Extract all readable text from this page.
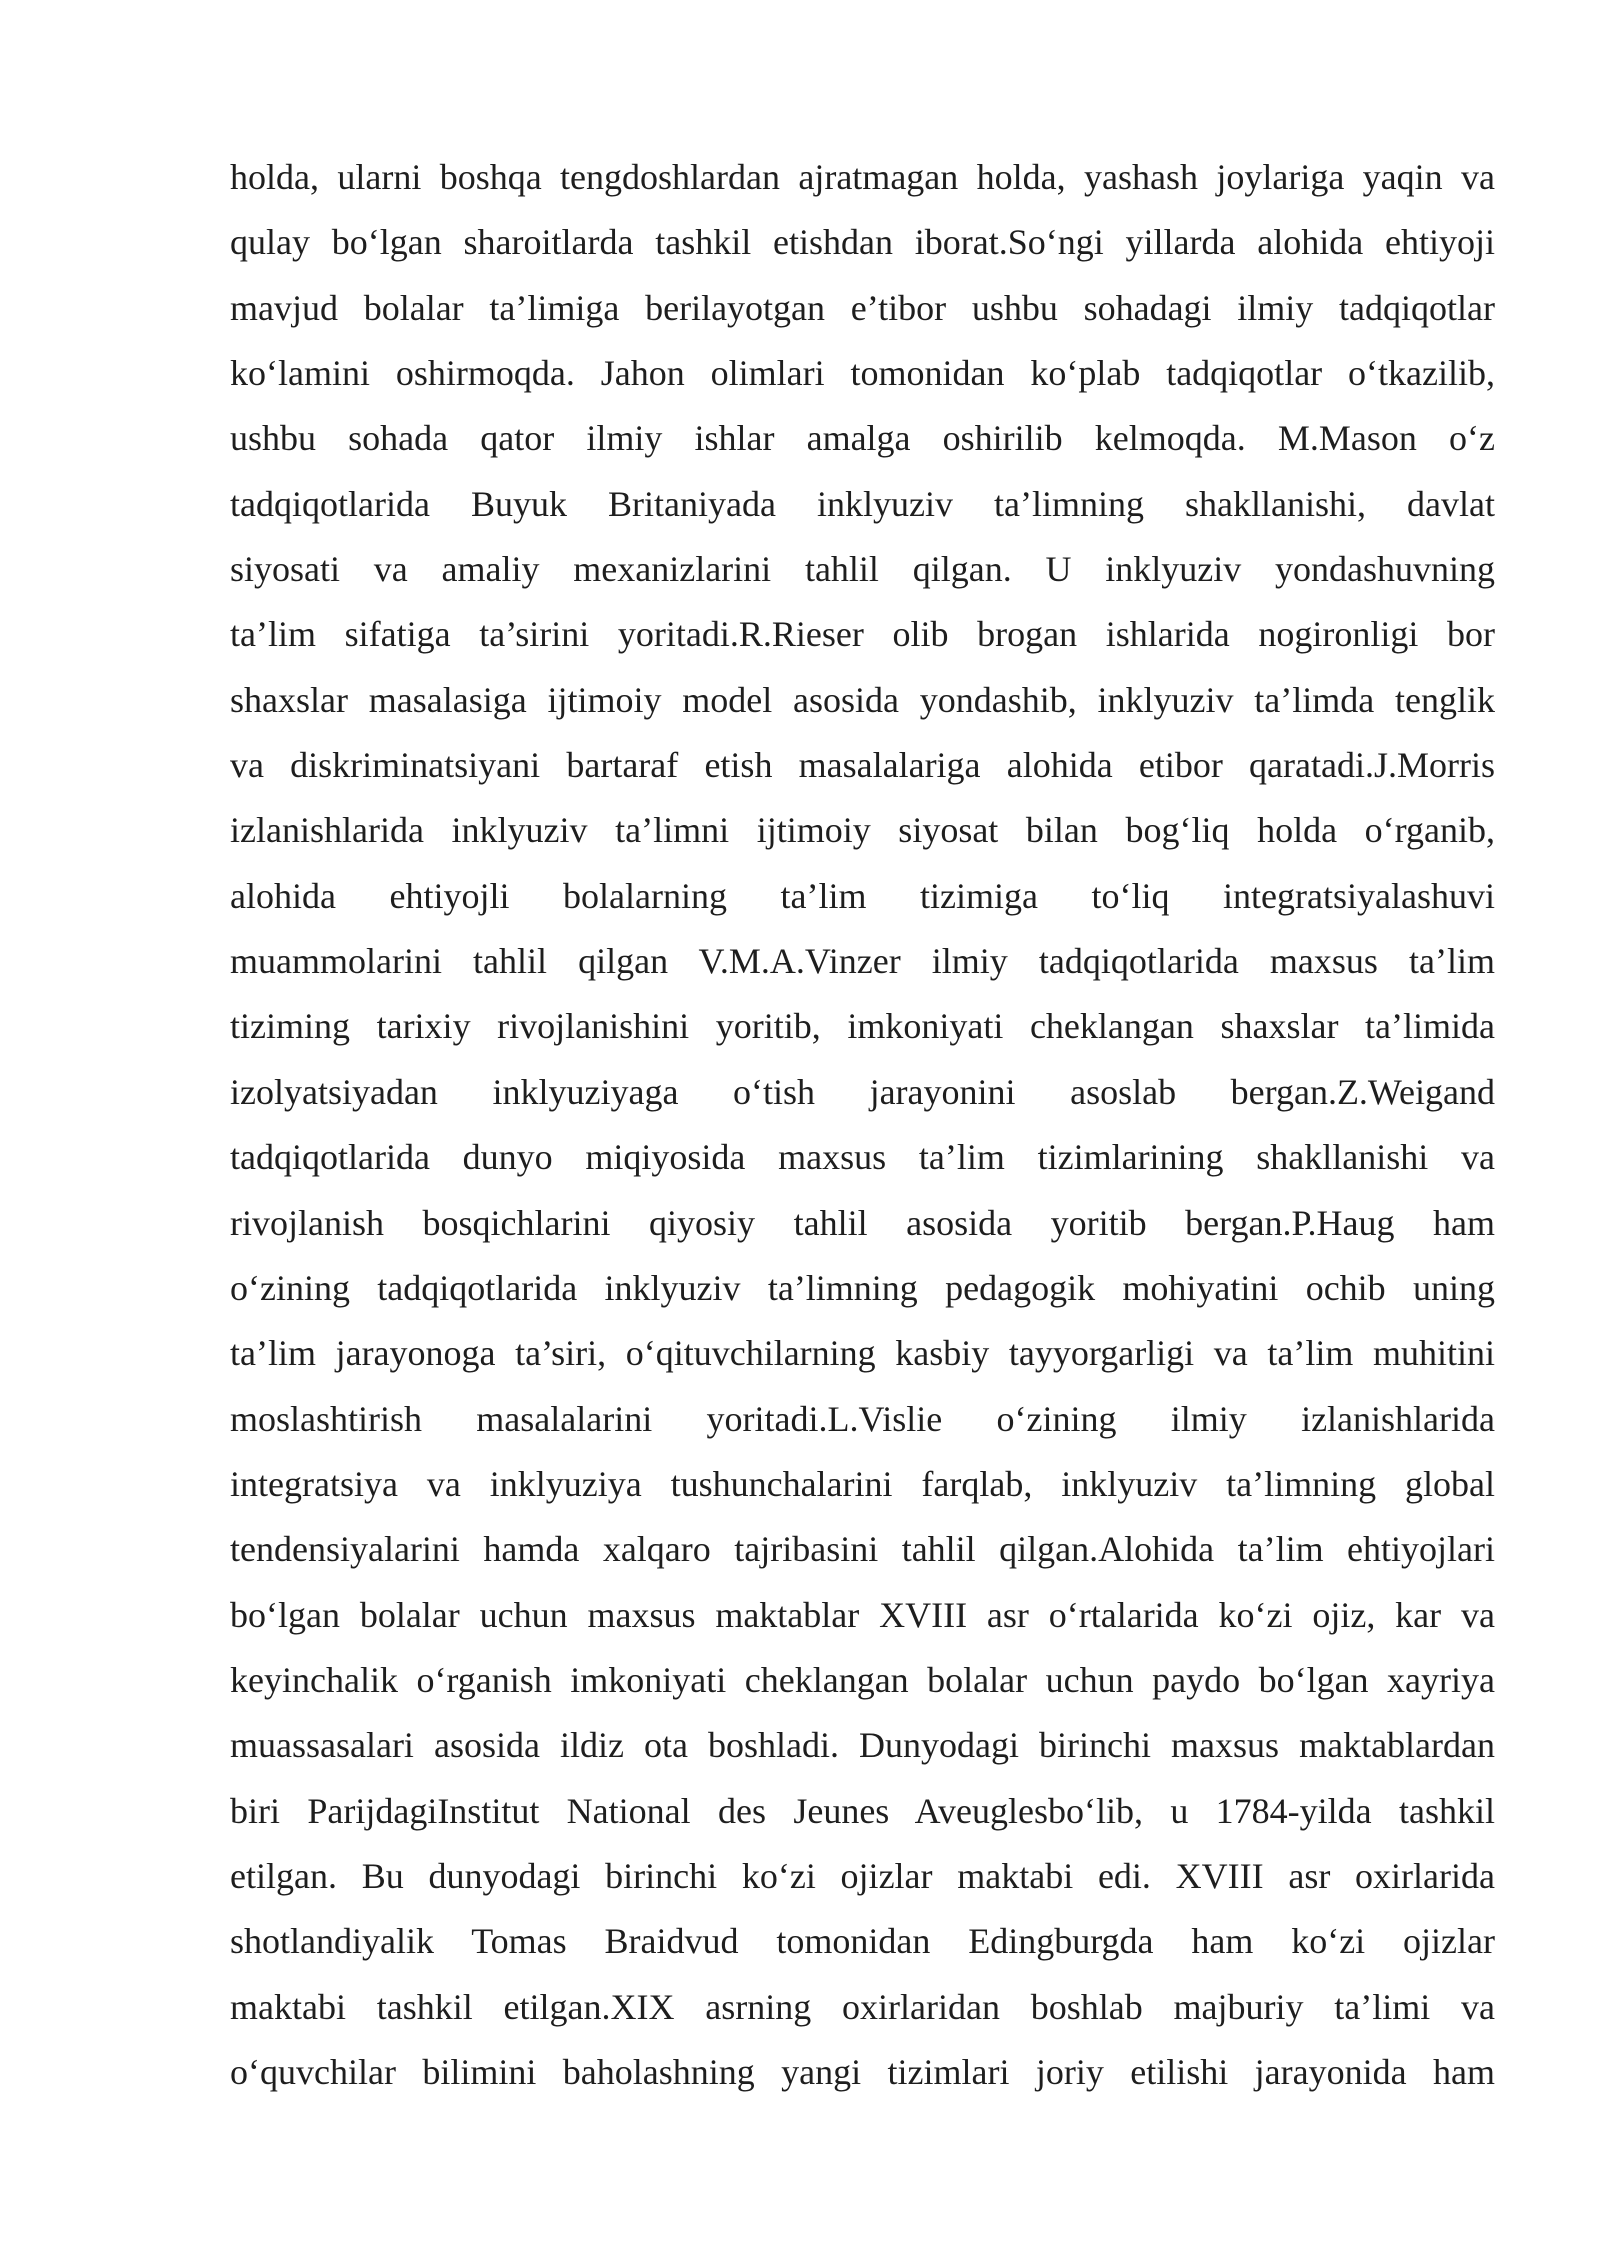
holda, ularni boshqa tengdoshlardan ajratmagan holda, yashash joylariga yaqin va
qulay boʻlgan sharoitlarda tashkil etishdan iborat.Soʻngi yillarda alohida ehtiyoji
mavjud bolalar ta’limiga berilayotgan e’tibor ushbu sohadagi ilmiy tadqiqotlar
koʻlamini oshirmoqda. Jahon olimlari tomonidan koʻplab tadqiqotlar oʻtkazilib,
ushbu sohada qator ilmiy ishlar amalga oshirilib kelmoqda. M.Mason oʻz
tadqiqotlarida Buyuk Britaniyada inklyuziv ta’limning shakllanishi, davlat
siyosati va amaliy mexanizlarini tahlil qilgan. U inklyuziv yondashuvning
ta’lim sifatiga ta’sirini yoritadi.R.Rieser olib brogan ishlarida nogironligi bor
shaxslar masalasiga ijtimoiy model asosida yondashib, inklyuziv ta’limda tenglik
va diskriminatsiyani bartaraf etish masalalariga alohida etibor qaratadi.J.Morris
izlanishlarida inklyuziv ta’limni ijtimoiy siyosat bilan bogʻliq holda oʻrganib,
alohida ehtiyojli bolalarning ta’lim tizimiga toʻliq integratsiyalashuvi
muammolarini tahlil qilgan V.M.A.Vinzer ilmiy tadqiqotlarida maxsus ta’lim
tiziming tarixiy rivojlanishini yoritib, imkoniyati cheklangan shaxslar ta’limida
izolyatsiyadan inklyuziyaga oʻtish jarayonini asoslab bergan.Z.Weigand
tadqiqotlarida dunyo miqiyosida maxsus ta’lim tizimlarining shakllanishi va
rivojlanish bosqichlarini qiyosiy tahlil asosida yoritib bergan.P.Haug ham
oʻzining tadqiqotlarida inklyuziv ta’limning pedagogik mohiyatini ochib uning
ta’lim jarayonoga ta’siri, oʻqituvchilarning kasbiy tayyorgarligi va ta’lim muhitini
moslashtirish masalalarini yoritadi.L.Vislie oʻzining ilmiy izlanishlarida
integratsiya va inklyuziya tushunchalarini farqlab, inklyuziv ta’limning global
tendensiyalarini hamda xalqaro tajribasini tahlil qilgan.Alohida ta’lim ehtiyojlari
boʻlgan bolalar uchun maxsus maktablar XVIII asr oʻrtalarida koʻzi ojiz, kar va
keyinchalik oʻrganish imkoniyati cheklangan bolalar uchun paydo boʻlgan xayriya
muassasalari asosida ildiz ota boshladi. Dunyodagi birinchi maxsus maktablardan
biri ParijdagiInstitut National des Jeunes Aveuglesboʻlib, u 1784-yilda tashkil
etilgan. Bu dunyodagi birinchi koʻzi ojizlar maktabi edi. XVIII asr oxirlarida
shotlandiyalik Tomas Braidvud tomonidan Edingburgda ham koʻzi ojizlar
maktabi tashkil etilgan.XIX asrning oxirlaridan boshlab majburiy ta’limi va
oʻquvchilar bilimini baholashning yangi tizimlari joriy etilishi jarayonida ham
